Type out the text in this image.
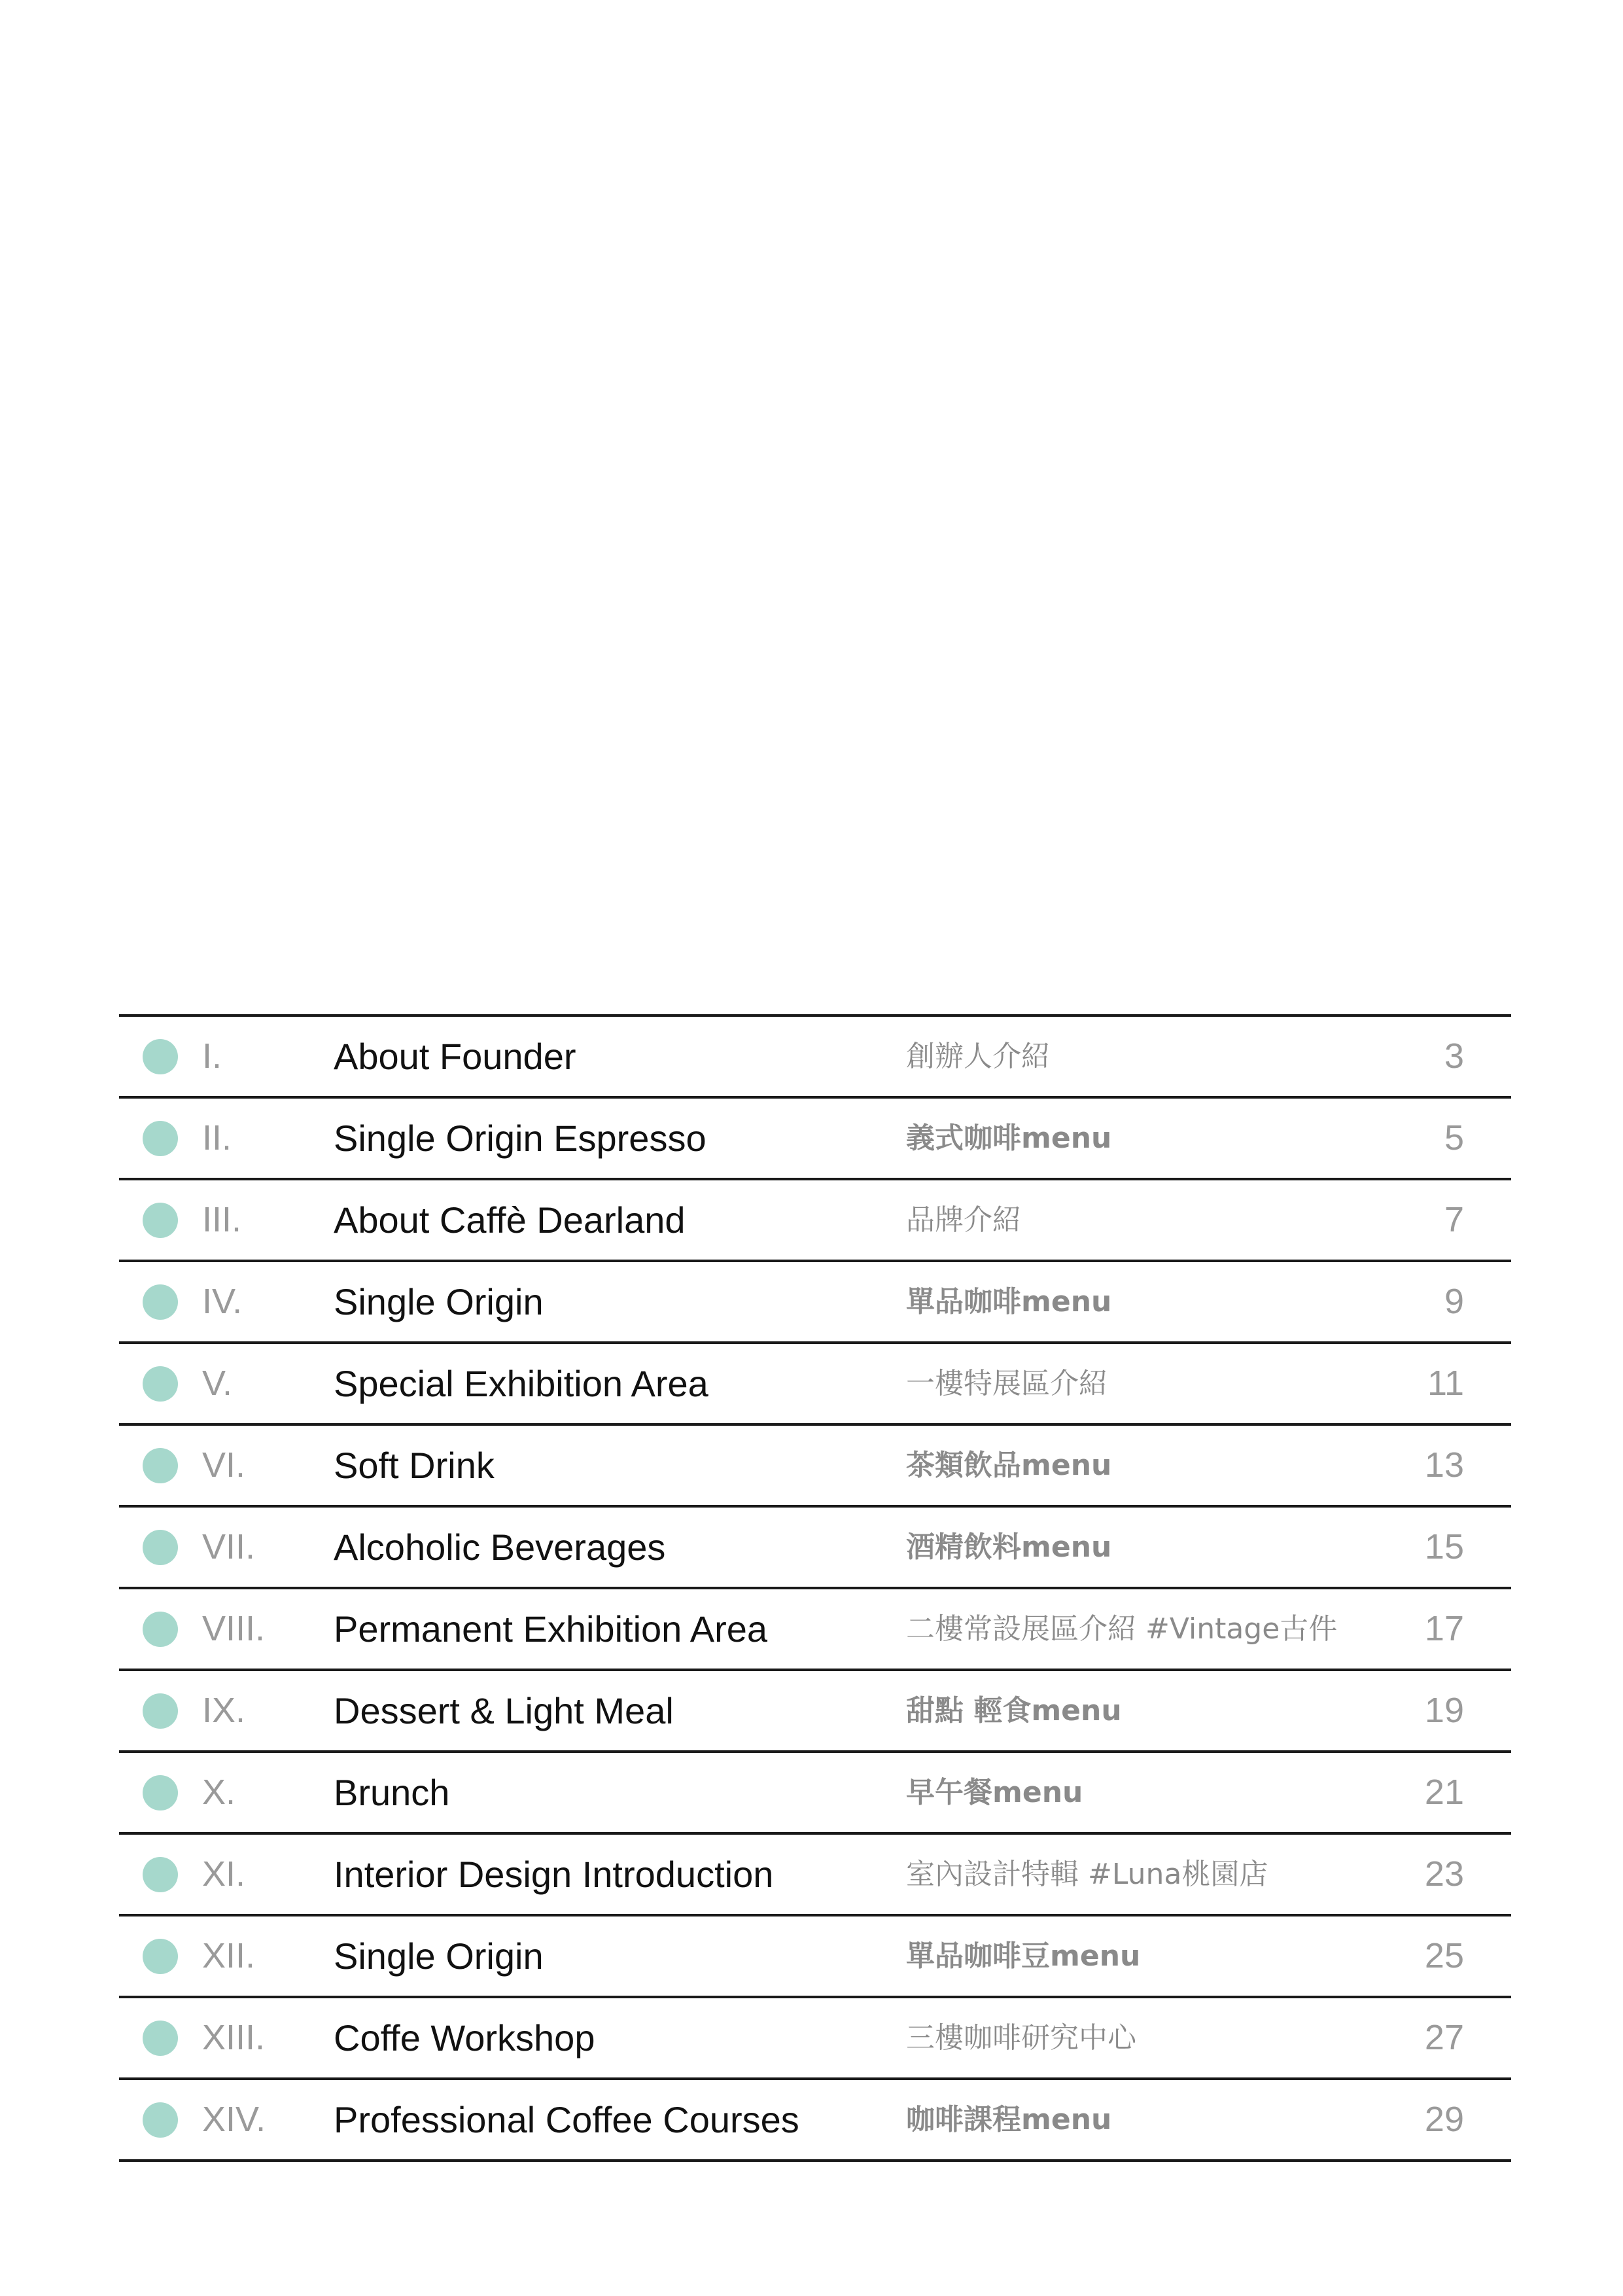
I.	About Founder	創辦人介紹	3
II.	Single Origin Espresso	義式咖啡menu	5
III.	About Caffè Dearland	品牌介紹	7
IV. Single Origin	單品咖啡menu	9
V.	Special Exhibition Area	一樓特展區介紹	11
VI. Soft Drink	茶類飲品menu	13
VII. Alcoholic Beverages	酒精飲料menu	15
VIII. Permanent Exhibition Area	二樓常設展區介紹 #Vintage古件 17
IX. Dessert & Light Meal	甜點 輕食menu	19
X.	Brunch	早午餐menu	21
XI. Interior Design Introduction	室內設計特輯 #Luna桃園店	23
XII. Single Origin	單品咖啡豆menu	25
XIII. Coffe Workshop	三樓咖啡研究中心	27
XIV. Professional Coffee Courses	咖啡課程menu	29
